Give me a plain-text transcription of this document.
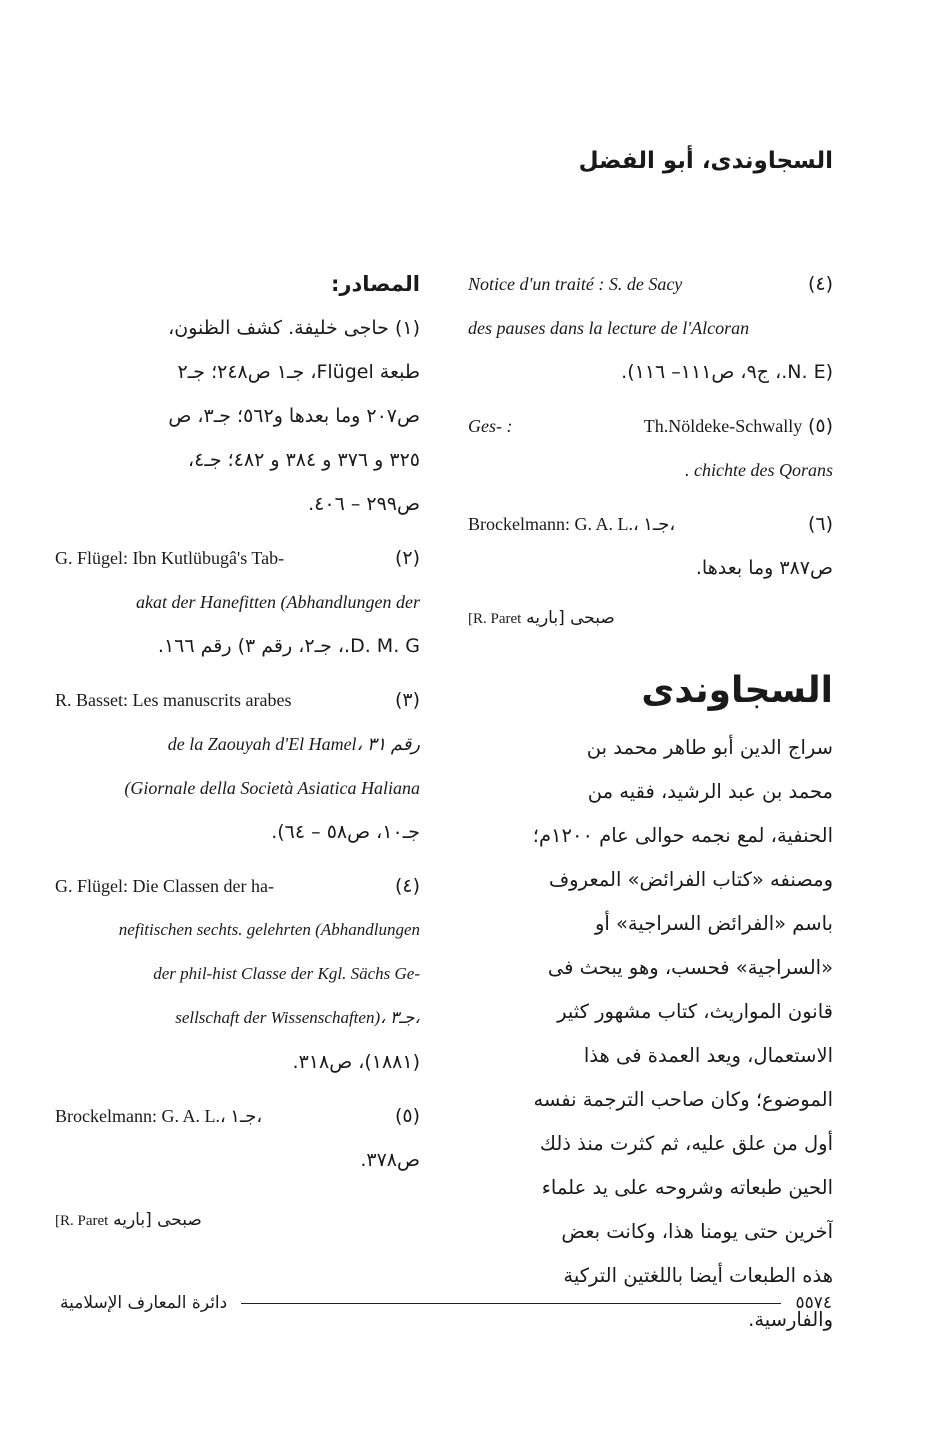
السجاوندى، أبو الفضل
Notice d'un traité : S. de Sacy	(٤)
des pauses dans la lecture de l'Alcoran
(N. E.، ج٩، ص١١١– ١١٦).
Ges- :	Th.Nöldeke-Schwally (٥)
. chichte des Qorans
Brockelmann: G. A. L.، جـ١،	(٦)
ص٣٨٧ وما بعدها.
[R. Paret صبحى [باريه
السجاوندى
سراج الدين أبو طاهر محمد بن
محمد بن عبد الرشيد، فقيه من
الحنفية، لمع نجمه حوالى عام ١٢٠٠م؛
ومصنفه «كتاب الفرائض» المعروف
باسم «الفرائض السراجية» أو
«السراجية» فحسب، وهو يبحث فى
قانون المواريث، كتاب مشهور كثير
الاستعمال، ويعد العمدة فى هذا
الموضوع؛ وكان صاحب الترجمة نفسه
أول من علق عليه، ثم كثرت منذ ذلك
الحين طبعاته وشروحه على يد علماء
آخرين حتى يومنا هذا، وكانت بعض
هذه الطبعات أيضا باللغتين التركية
والفارسية.
المصادر:
(١) حاجى خليفة. كشف الظنون،
طبعة Flügel، جـ١ ص٢٤٨؛ جـ٢
ص٢٠٧ وما بعدها و٥٦٢؛ جـ٣، ص
٣٢٥ و ٣٧٦ و ٣٨٤ و ٤٨٢؛ جـ٤،
ص٢٩٩ – ٤٠٦.
G. Flügel: Ibn Kutlübugâ's Tab-	(٢)
akat der Hanefitten (Abhandlungen der
D. M. G.، جـ٢، رقم ٣) رقم ١٦٦.
R. Basset: Les manuscrits arabes	(٣)
de la Zaouyah d'El Hamel، رقم ٣١
(Giornale della Società Asiatica Haliana
جـ١٠، ص٥٨ – ٦٤).
G. Flügel: Die Classen der ha-	(٤)
nefitischen sechts. gelehrten (Abhandlungen
der phil-hist Classe der Kgl. Sächs Ge-
sellschaft der Wissenschaften)، جـ٣،
(١٨٨١)، ص٣١٨.
Brockelmann: G. A. L.، جـ١،	(٥)
ص٣٧٨.
[R. Paret صبحى [باريه
دائرة المعارف الإسلامية	٥٥٧٤
